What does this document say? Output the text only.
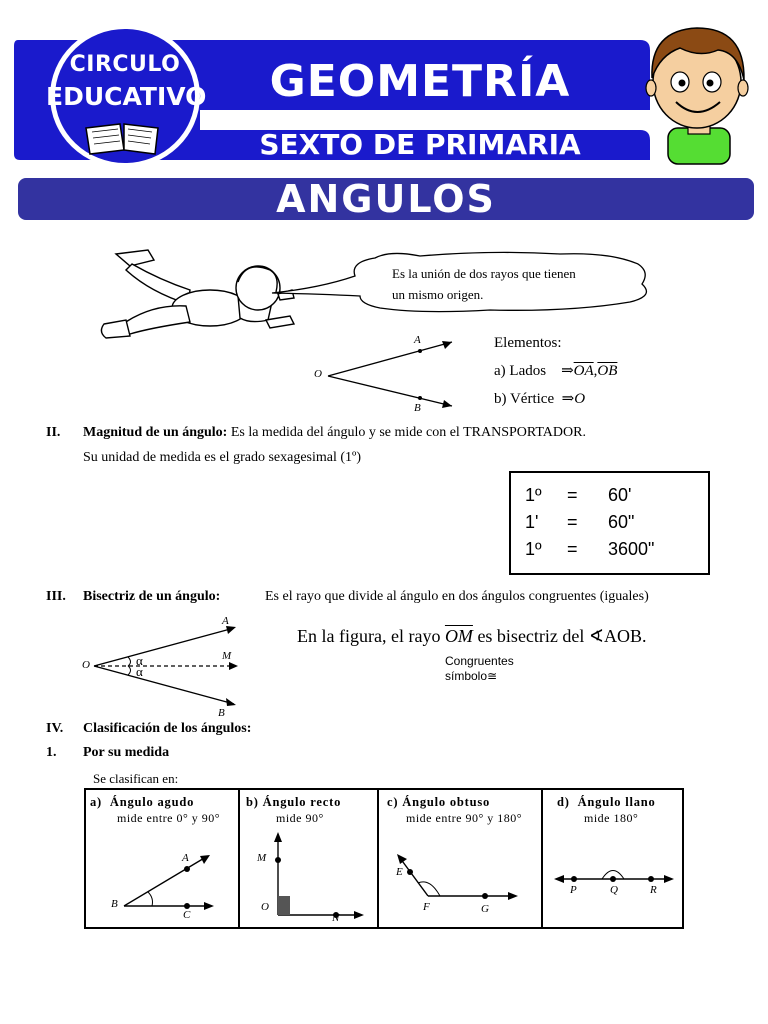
CIRCULO
EDUCATIVO	GEOMETRÍA
SEXTO DE PRIMARIA
ANGULOS
Es la unión de dos rayos que tienen
un mismo origen.
O
A
B
Elementos:
a) Lados $\Rightarrow\overline{OA},\overline{OB}$
b) Vértice ⇒O
II. Magnitud de un ángulo: Es la medida del ángulo y se mide con el TRANSPORTADOR.
Su unidad de medida es el grado sexagesimal (1º)
1º = 60'
1' = 60"
1º = 3600"
III. Bisectriz de un ángulo:	Es el rayo que divide al ángulo en dos ángulos congruentes (iguales)
O
A
M
B
α
α
En la figura, el rayo $\overline{OM}$ es bisectriz del ∢AOB.
Congruentes
símbolo≅
IV. Clasificación de los ángulos:
1. Por su medida
Se clasifican en:
a) Ángulo agudo
mide entre 0° y 90°
b) Ángulo recto
mide 90°
c) Ángulo obtuso
mide entre 90° y 180°
d) Ángulo llano
mide 180°
A
B
C
M
O
N
E
F	G
P	Q	R
